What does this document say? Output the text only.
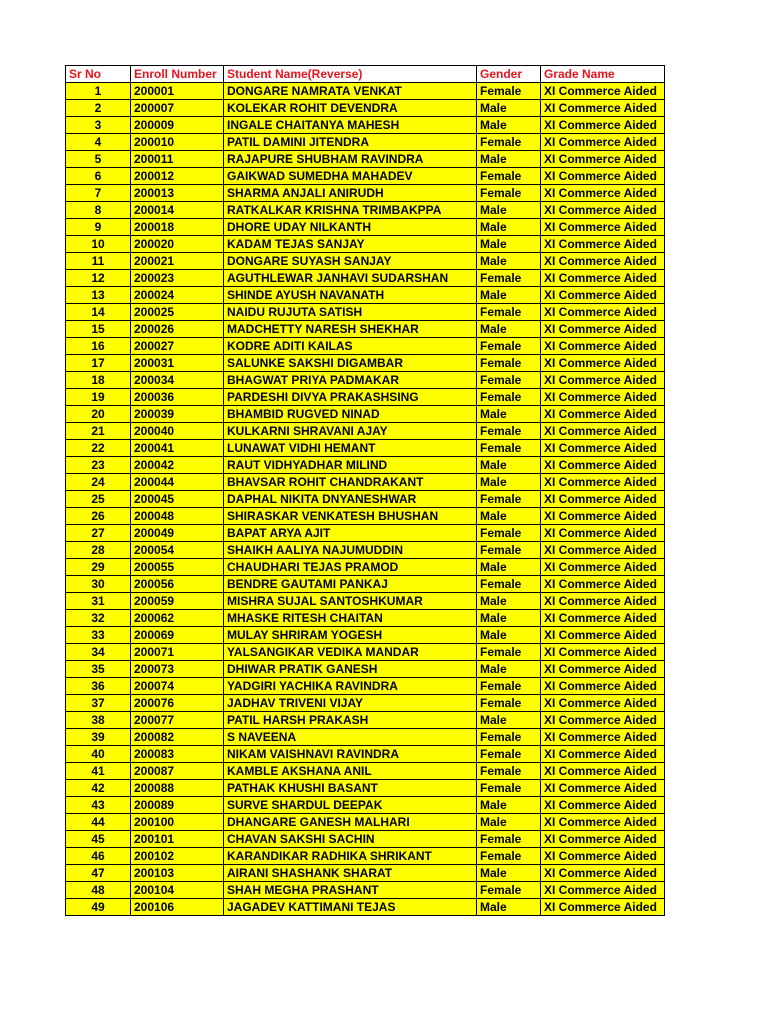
Sr No	Enroll Number	Student Name(Reverse)	Gender	Grade Name
1	200001	DONGARE NAMRATA VENKAT	Female	XI Commerce Aided
2	200007	KOLEKAR ROHIT DEVENDRA	Male	XI Commerce Aided
3	200009	INGALE CHAITANYA MAHESH	Male	XI Commerce Aided
4	200010	PATIL DAMINI JITENDRA	Female	XI Commerce Aided
5	200011	RAJAPURE SHUBHAM RAVINDRA	Male	XI Commerce Aided
6	200012	GAIKWAD SUMEDHA MAHADEV	Female	XI Commerce Aided
7	200013	SHARMA ANJALI ANIRUDH	Female	XI Commerce Aided
8	200014	RATKALKAR KRISHNA TRIMBAKPPA	Male	XI Commerce Aided
9	200018	DHORE UDAY NILKANTH	Male	XI Commerce Aided
10	200020	KADAM TEJAS SANJAY	Male	XI Commerce Aided
11	200021	DONGARE SUYASH SANJAY	Male	XI Commerce Aided
12	200023	AGUTHLEWAR JANHAVI SUDARSHAN	Female	XI Commerce Aided
13	200024	SHINDE AYUSH NAVANATH	Male	XI Commerce Aided
14	200025	NAIDU RUJUTA SATISH	Female	XI Commerce Aided
15	200026	MADCHETTY NARESH SHEKHAR	Male	XI Commerce Aided
16	200027	KODRE ADITI KAILAS	Female	XI Commerce Aided
17	200031	SALUNKE SAKSHI DIGAMBAR	Female	XI Commerce Aided
18	200034	BHAGWAT PRIYA PADMAKAR	Female	XI Commerce Aided
19	200036	PARDESHI DIVYA PRAKASHSING	Female	XI Commerce Aided
20	200039	BHAMBID RUGVED NINAD	Male	XI Commerce Aided
21	200040	KULKARNI SHRAVANI AJAY	Female	XI Commerce Aided
22	200041	LUNAWAT VIDHI HEMANT	Female	XI Commerce Aided
23	200042	RAUT VIDHYADHAR MILIND	Male	XI Commerce Aided
24	200044	BHAVSAR ROHIT CHANDRAKANT	Male	XI Commerce Aided
25	200045	DAPHAL NIKITA DNYANESHWAR	Female	XI Commerce Aided
26	200048	SHIRASKAR VENKATESH BHUSHAN	Male	XI Commerce Aided
27	200049	BAPAT ARYA AJIT	Female	XI Commerce Aided
28	200054	SHAIKH AALIYA NAJUMUDDIN	Female	XI Commerce Aided
29	200055	CHAUDHARI TEJAS PRAMOD	Male	XI Commerce Aided
30	200056	BENDRE GAUTAMI PANKAJ	Female	XI Commerce Aided
31	200059	MISHRA SUJAL SANTOSHKUMAR	Male	XI Commerce Aided
32	200062	MHASKE RITESH CHAITAN	Male	XI Commerce Aided
33	200069	MULAY SHRIRAM YOGESH	Male	XI Commerce Aided
34	200071	YALSANGIKAR VEDIKA MANDAR	Female	XI Commerce Aided
35	200073	DHIWAR PRATIK GANESH	Male	XI Commerce Aided
36	200074	YADGIRI YACHIKA RAVINDRA	Female	XI Commerce Aided
37	200076	JADHAV TRIVENI VIJAY	Female	XI Commerce Aided
38	200077	PATIL HARSH PRAKASH	Male	XI Commerce Aided
39	200082	S NAVEENA	Female	XI Commerce Aided
40	200083	NIKAM VAISHNAVI RAVINDRA	Female	XI Commerce Aided
41	200087	KAMBLE AKSHANA ANIL	Female	XI Commerce Aided
42	200088	PATHAK KHUSHI BASANT	Female	XI Commerce Aided
43	200089	SURVE SHARDUL DEEPAK	Male	XI Commerce Aided
44	200100	DHANGARE GANESH MALHARI	Male	XI Commerce Aided
45	200101	CHAVAN SAKSHI SACHIN	Female	XI Commerce Aided
46	200102	KARANDIKAR RADHIKA SHRIKANT	Female	XI Commerce Aided
47	200103	AIRANI SHASHANK SHARAT	Male	XI Commerce Aided
48	200104	SHAH MEGHA PRASHANT	Female	XI Commerce Aided
49	200106	JAGADEV KATTIMANI TEJAS	Male	XI Commerce Aided
